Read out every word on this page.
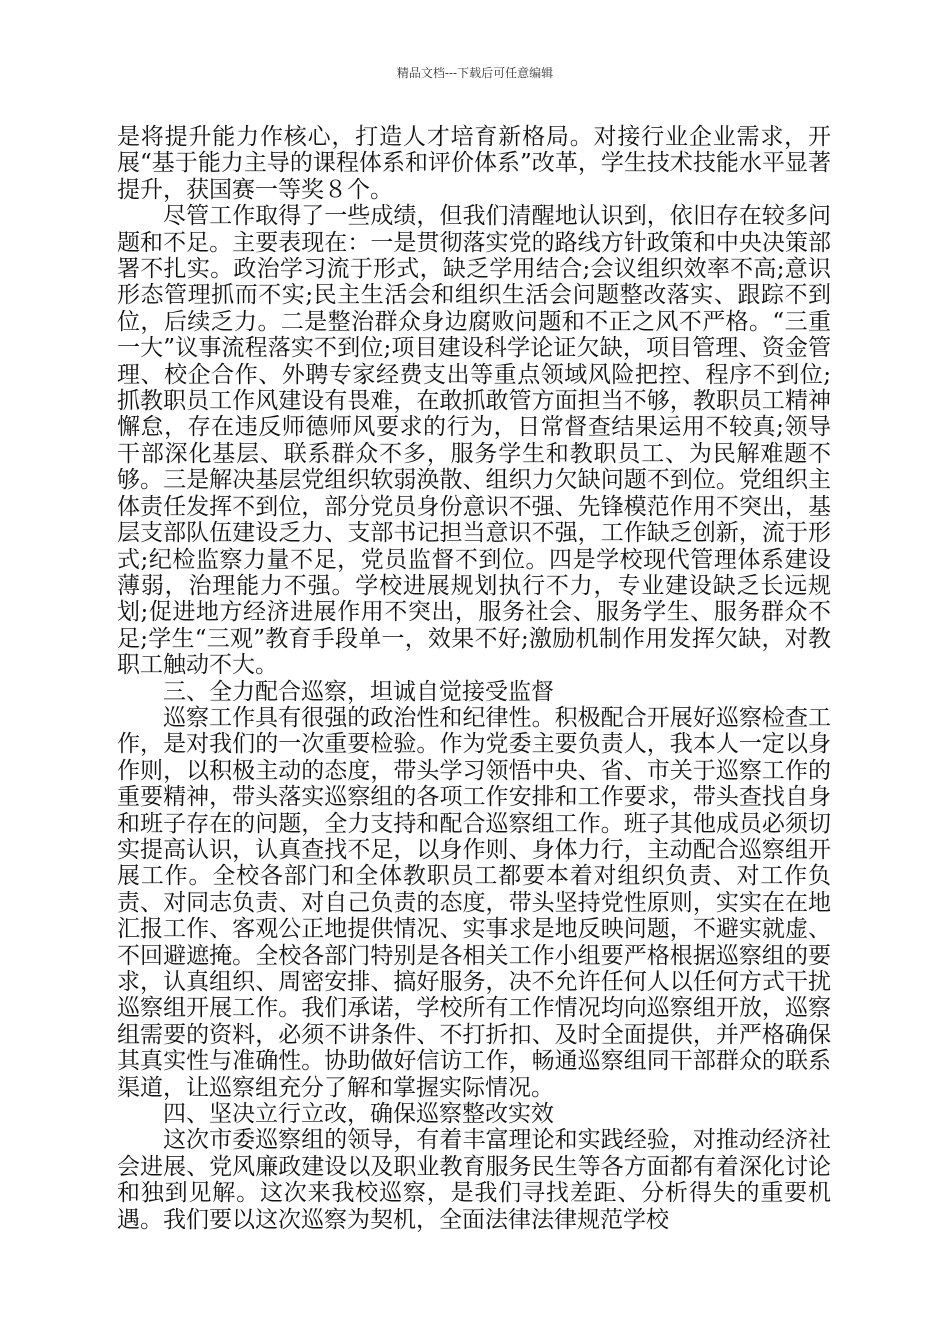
精品文档---下载后可任意编辑

是将提升能力作核心，打造人才培育新格局。对接行业企业需求，开展“基于能力主导的课程体系和评价体系”改革，学生技术技能水平显著提升，获国赛一等奖８个。

尽管工作取得了一些成绩，但我们清醒地认识到，依旧存在较多问题和不足。主要表现在：一是贯彻落实党的路线方针政策和中央决策部署不扎实。政治学习流于形式，缺乏学用结合;会议组织效率不高;意识形态管理抓而不实;民主生活会和组织生活会问题整改落实、跟踪不到位，后续乏力。二是整治群众身边腐败问题和不正之风不严格。“三重一大”议事流程落实不到位;项目建设科学论证欠缺，项目管理、资金管理、校企合作、外聘专家经费支出等重点领域风险把控、程序不到位;抓教职员工作风建设有畏难，在敢抓敢管方面担当不够，教职员工精神懈怠，存在违反师德师风要求的行为，日常督查结果运用不较真;领导干部深化基层、联系群众不多，服务学生和教职员工、为民解难题不够。三是解决基层党组织软弱涣散、组织力欠缺问题不到位。党组织主体责任发挥不到位，部分党员身份意识不强、先锋模范作用不突出，基层支部队伍建设乏力、支部书记担当意识不强，工作缺乏创新，流于形式;纪检监察力量不足，党员监督不到位。四是学校现代管理体系建设薄弱，治理能力不强。学校进展规划执行不力，专业建设缺乏长远规划;促进地方经济进展作用不突出，服务社会、服务学生、服务群众不足;学生“三观”教育手段单一，效果不好;激励机制作用发挥欠缺，对教职工触动不大。

三、全力配合巡察，坦诚自觉接受监督

巡察工作具有很强的政治性和纪律性。积极配合开展好巡察检查工作，是对我们的一次重要检验。作为党委主要负责人，我本人一定以身作则，以积极主动的态度，带头学习领悟中央、省、市关于巡察工作的重要精神，带头落实巡察组的各项工作安排和工作要求，带头查找自身和班子存在的问题，全力支持和配合巡察组工作。班子其他成员必须切实提高认识，认真查找不足，以身作则、身体力行，主动配合巡察组开展工作。全校各部门和全体教职员工都要本着对组织负责、对工作负责、对同志负责、对自己负责的态度，带头坚持党性原则，实实在在地汇报工作、客观公正地提供情况、实事求是地反映问题，不避实就虚、不回避遮掩。全校各部门特别是各相关工作小组要严格根据巡察组的要求，认真组织、周密安排、搞好服务，决不允许任何人以任何方式干扰巡察组开展工作。我们承诺，学校所有工作情况均向巡察组开放，巡察组需要的资料，必须不讲条件、不打折扣、及时全面提供，并严格确保其真实性与准确性。协助做好信访工作，畅通巡察组同干部群众的联系渠道，让巡察组充分了解和掌握实际情况。

四、坚决立行立改，确保巡察整改实效

这次市委巡察组的领导，有着丰富理论和实践经验，对推动经济社会进展、党风廉政建设以及职业教育服务民生等各方面都有着深化讨论和独到见解。这次来我校巡察，是我们寻找差距、分析得失的重要机遇。我们要以这次巡察为契机，全面法律法律规范学校
